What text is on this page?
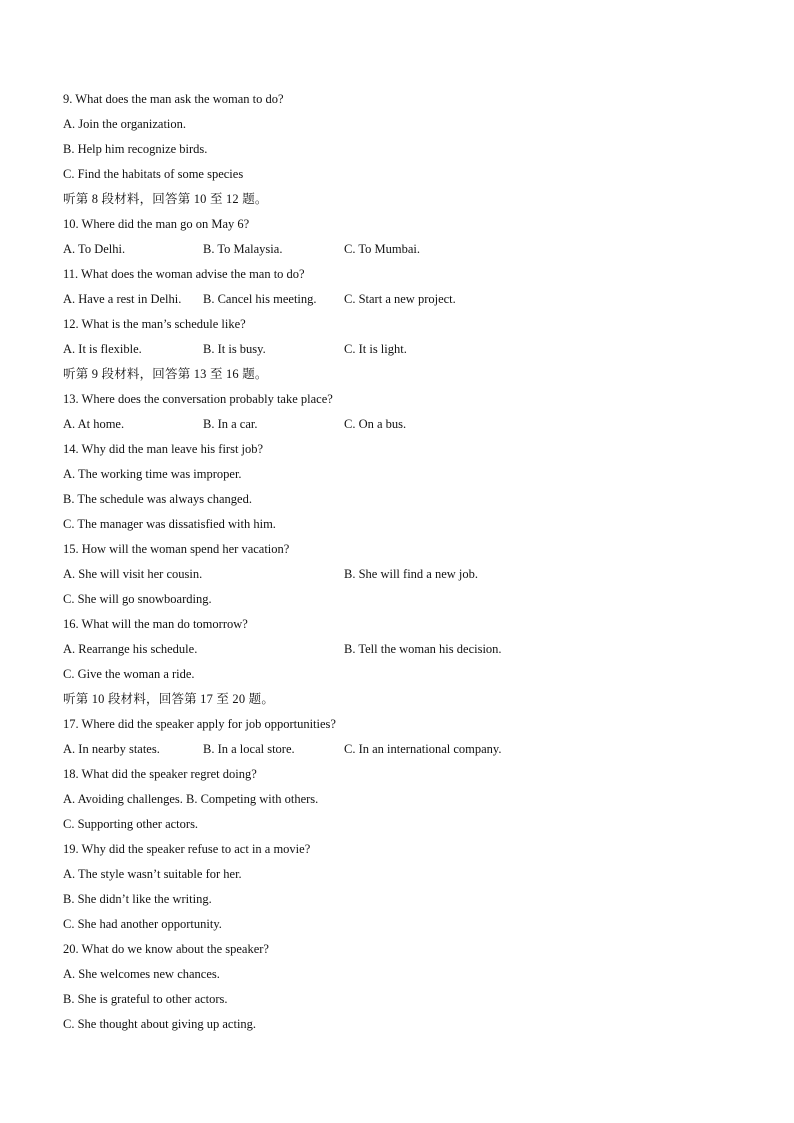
9. What does the man ask the woman to do?
A. Join the organization.
B. Help him recognize birds.
C. Find the habitats of some species
听第 8 段材料，回答第 10 至 12 题。
10. Where did the man go on May 6?
A. To Delhi.	B. To Malaysia.	C. To Mumbai.
11. What does the woman advise the man to do?
A. Have a rest in Delhi. B. Cancel his meeting. C. Start a new project.
12. What is the man’s schedule like?
A. It is flexible.	B. It is busy.	C. It is light.
听第 9 段材料，回答第 13 至 16 题。
13. Where does the conversation probably take place?
A. At home.	B. In a car.	C. On a bus.
14. Why did the man leave his first job?
A. The working time was improper.
B. The schedule was always changed.
C. The manager was dissatisfied with him.
15. How will the woman spend her vacation?
A. She will visit her cousin.	B. She will find a new job.
C. She will go snowboarding.
16. What will the man do tomorrow?
A. Rearrange his schedule.	B. Tell the woman his decision.
C. Give the woman a ride.
听第 10 段材料，回答第 17 至 20 题。
17. Where did the speaker apply for job opportunities?
A. In nearby states.	B. In a local store.	C. In an international company.
18. What did the speaker regret doing?
A. Avoiding challenges. B. Competing with others.
C. Supporting other actors.
19. Why did the speaker refuse to act in a movie?
A. The style wasn’t suitable for her.
B. She didn’t like the writing.
C. She had another opportunity.
20. What do we know about the speaker?
A. She welcomes new chances.
B. She is grateful to other actors.
C. She thought about giving up acting.
